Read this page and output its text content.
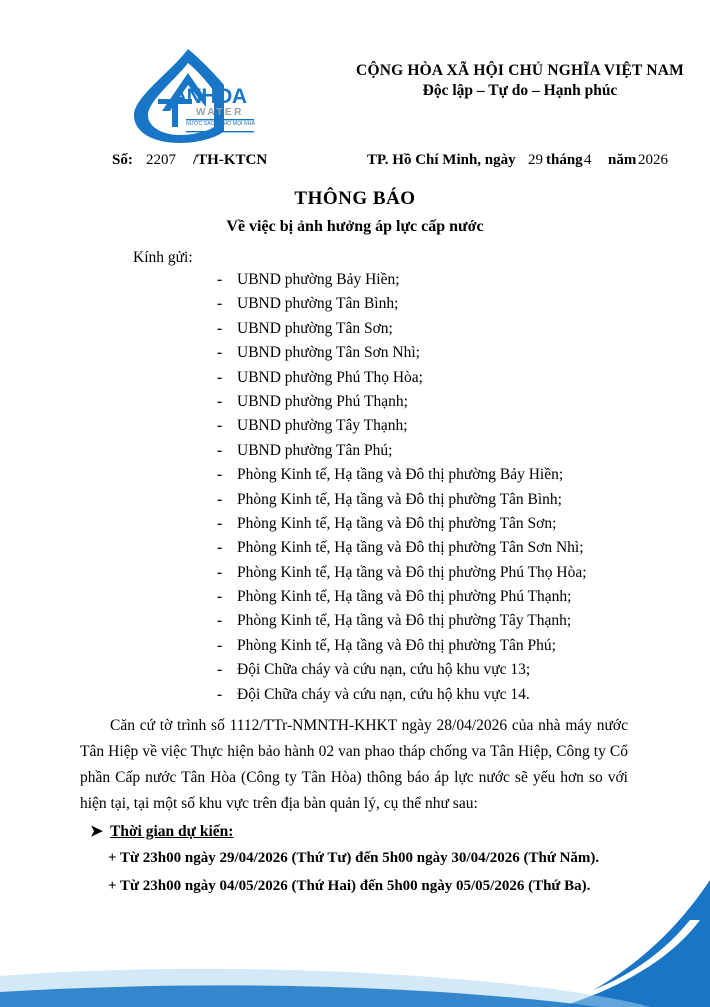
ANHOA
WATER
NƯỚC SẠCH CHO MỌI NHÀ
CỘNG HÒA XÃ HỘI CHỦ NGHĨA VIỆT NAM
Độc lập – Tự do – Hạnh phúc
Số: 2207 /TH-KTCN	TP. Hồ Chí Minh, ngày 29 tháng 4 năm 2026
THÔNG BÁO
Về việc bị ảnh hưởng áp lực cấp nước
Kính gửi:
- UBND phường Bảy Hiền;
- UBND phường Tân Bình;
- UBND phường Tân Sơn;
- UBND phường Tân Sơn Nhì;
- UBND phường Phú Thọ Hòa;
- UBND phường Phú Thạnh;
- UBND phường Tây Thạnh;
- UBND phường Tân Phú;
- Phòng Kinh tế, Hạ tầng và Đô thị phường Bảy Hiền;
- Phòng Kinh tế, Hạ tầng và Đô thị phường Tân Bình;
- Phòng Kinh tế, Hạ tầng và Đô thị phường Tân Sơn;
- Phòng Kinh tế, Hạ tầng và Đô thị phường Tân Sơn Nhì;
- Phòng Kinh tế, Hạ tầng và Đô thị phường Phú Thọ Hòa;
- Phòng Kinh tế, Hạ tầng và Đô thị phường Phú Thạnh;
- Phòng Kinh tế, Hạ tầng và Đô thị phường Tây Thạnh;
- Phòng Kinh tế, Hạ tầng và Đô thị phường Tân Phú;
- Đội Chữa cháy và cứu nạn, cứu hộ khu vực 13;
- Đội Chữa cháy và cứu nạn, cứu hộ khu vực 14.
Căn cứ tờ trình số 1112/TTr-NMNTH-KHKT ngày 28/04/2026 của nhà máy nước Tân Hiệp về việc Thực hiện bảo hành 02 van phao tháp chống va Tân Hiệp, Công ty Cổ phần Cấp nước Tân Hòa (Công ty Tân Hòa) thông báo áp lực nước sẽ yếu hơn so với hiện tại, tại một số khu vực trên địa bàn quản lý, cụ thể như sau:
➤ Thời gian dự kiến:
+ Từ 23h00 ngày 29/04/2026 (Thứ Tư) đến 5h00 ngày 30/04/2026 (Thứ Năm).
+ Từ 23h00 ngày 04/05/2026 (Thứ Hai) đến 5h00 ngày 05/05/2026 (Thứ Ba).
